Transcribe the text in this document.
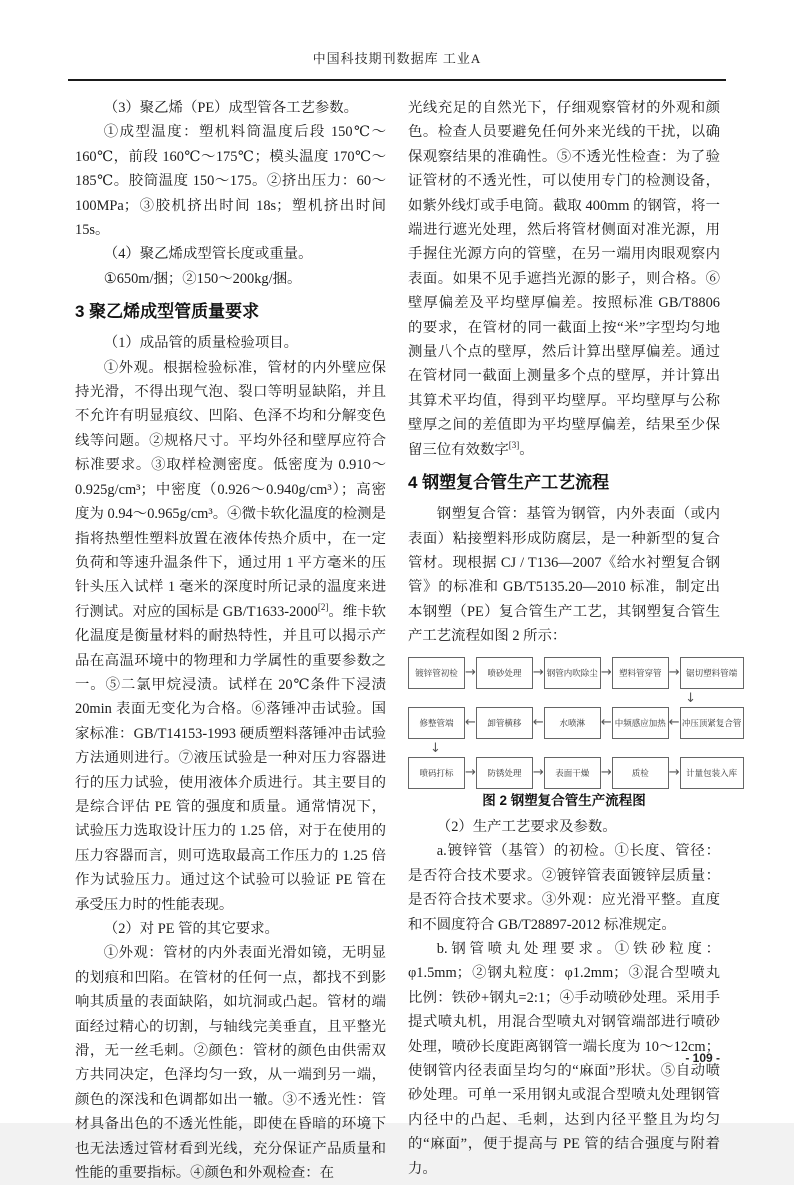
中国科技期刊数据库 工业A

（3）聚乙烯（PE）成型管各工艺参数。

①成型温度：塑机料筒温度后段 150℃～160℃，前段 160℃～175℃；模头温度 170℃～185℃。胶筒温度 150～175。②挤出压力：60～100MPa；③胶机挤出时间 18s；塑机挤出时间 15s。

（4）聚乙烯成型管长度或重量。

①650m/捆；②150～200kg/捆。

3 聚乙烯成型管质量要求

（1）成品管的质量检验项目。

①外观。根据检验标准，管材的内外壁应保持光滑，不得出现气泡、裂口等明显缺陷，并且不允许有明显痕纹、凹陷、色泽不均和分解变色线等问题。②规格尺寸。平均外径和壁厚应符合标准要求。③取样检测密度。低密度为 0.910～0.925g/cm³；中密度（0.926～0.940g/cm³）；高密度为 0.94～0.965g/cm³。④微卡软化温度的检测是指将热塑性塑料放置在液体传热介质中，在一定负荷和等速升温条件下，通过用 1 平方毫米的压针头压入试样 1 毫米的深度时所记录的温度来进行测试。对应的国标是 GB/T1633-2000[2]。维卡软化温度是衡量材料的耐热特性，并且可以揭示产品在高温环境中的物理和力学属性的重要参数之一。⑤二氯甲烷浸渍。试样在 20℃条件下浸渍 20min 表面无变化为合格。⑥落锤冲击试验。国家标准：GB/T14153-1993 硬质塑料落锤冲击试验方法通则进行。⑦液压试验是一种对压力容器进行的压力试验，使用液体介质进行。其主要目的是综合评估 PE 管的强度和质量。通常情况下，试验压力选取设计压力的 1.25 倍，对于在使用的压力容器而言，则可选取最高工作压力的 1.25 倍作为试验压力。通过这个试验可以验证 PE 管在承受压力时的性能表现。

（2）对 PE 管的其它要求。

①外观：管材的内外表面光滑如镜，无明显的划痕和凹陷。在管材的任何一点，都找不到影响其质量的表面缺陷，如坑洞或凸起。管材的端面经过精心的切割，与轴线完美垂直，且平整光滑，无一丝毛刺。②颜色：管材的颜色由供需双方共同决定，色泽均匀一致，从一端到另一端，颜色的深浅和色调都如出一辙。③不透光性：管材具备出色的不透光性能，即使在昏暗的环境下也无法透过管材看到光线，充分保证产品质量和性能的重要指标。④颜色和外观检查：在

光线充足的自然光下，仔细观察管材的外观和颜色。检查人员要避免任何外来光线的干扰，以确保观察结果的准确性。⑤不透光性检查：为了验证管材的不透光性，可以使用专门的检测设备，如紫外线灯或手电筒。截取 400mm 的钢管，将一端进行遮光处理，然后将管材侧面对准光源，用手握住光源方向的管壁，在另一端用肉眼观察内表面。如果不见手遮挡光源的影子，则合格。⑥壁厚偏差及平均壁厚偏差。按照标准 GB/T8806 的要求，在管材的同一截面上按“米”字型均匀地测量八个点的壁厚，然后计算出壁厚偏差。通过在管材同一截面上测量多个点的壁厚，并计算出其算术平均值，得到平均壁厚。平均壁厚与公称壁厚之间的差值即为平均壁厚偏差，结果至少保留三位有效数字[3]。

4 钢塑复合管生产工艺流程

钢塑复合管：基管为钢管，内外表面（或内表面）粘接塑料形成防腐层，是一种新型的复合管材。现根据 CJ / T136—2007《给水衬塑复合钢管》的标准和 GB/T5135.20—2010 标准，制定出本钢塑（PE）复合管生产工艺，其钢塑复合管生产工艺流程如图 2 所示：

镀锌管初检 →	喷砂处理 → 钢管内吹除尘 → 塑料管穿管 → 锯切塑料管端
↓
修整管端 ←	卸管横移 ←	水喷淋	← 中频感应加热 ← 冲压顶紧复合管
↓
喷码打标 →	防锈处理 →	表面干燥 →	质检	→ 计量包装入库

图 2 钢塑复合管生产流程图

（2）生产工艺要求及参数。

a.镀锌管（基管）的初检。①长度、管径：是否符合技术要求。②镀锌管表面镀锌层质量：是否符合技术要求。③外观：应光滑平整。直度和不圆度符合 GB/T28897-2012 标准规定。

b.钢管喷丸处理要求。①铁砂粒度：φ1.5mm；②钢丸粒度：φ1.2mm；③混合型喷丸比例：铁砂+钢丸=2:1；④手动喷砂处理。采用手提式喷丸机，用混合型喷丸对钢管端部进行喷砂处理，喷砂长度距离钢管一端长度为 10～12cm；使钢管内径表面呈均匀的“麻面”形状。⑤自动喷砂处理。可单一采用钢丸或混合型喷丸处理钢管内径中的凸起、毛刺，达到内径平整且为均匀的“麻面”，便于提高与 PE 管的结合强度与附着力。

- 109 -
